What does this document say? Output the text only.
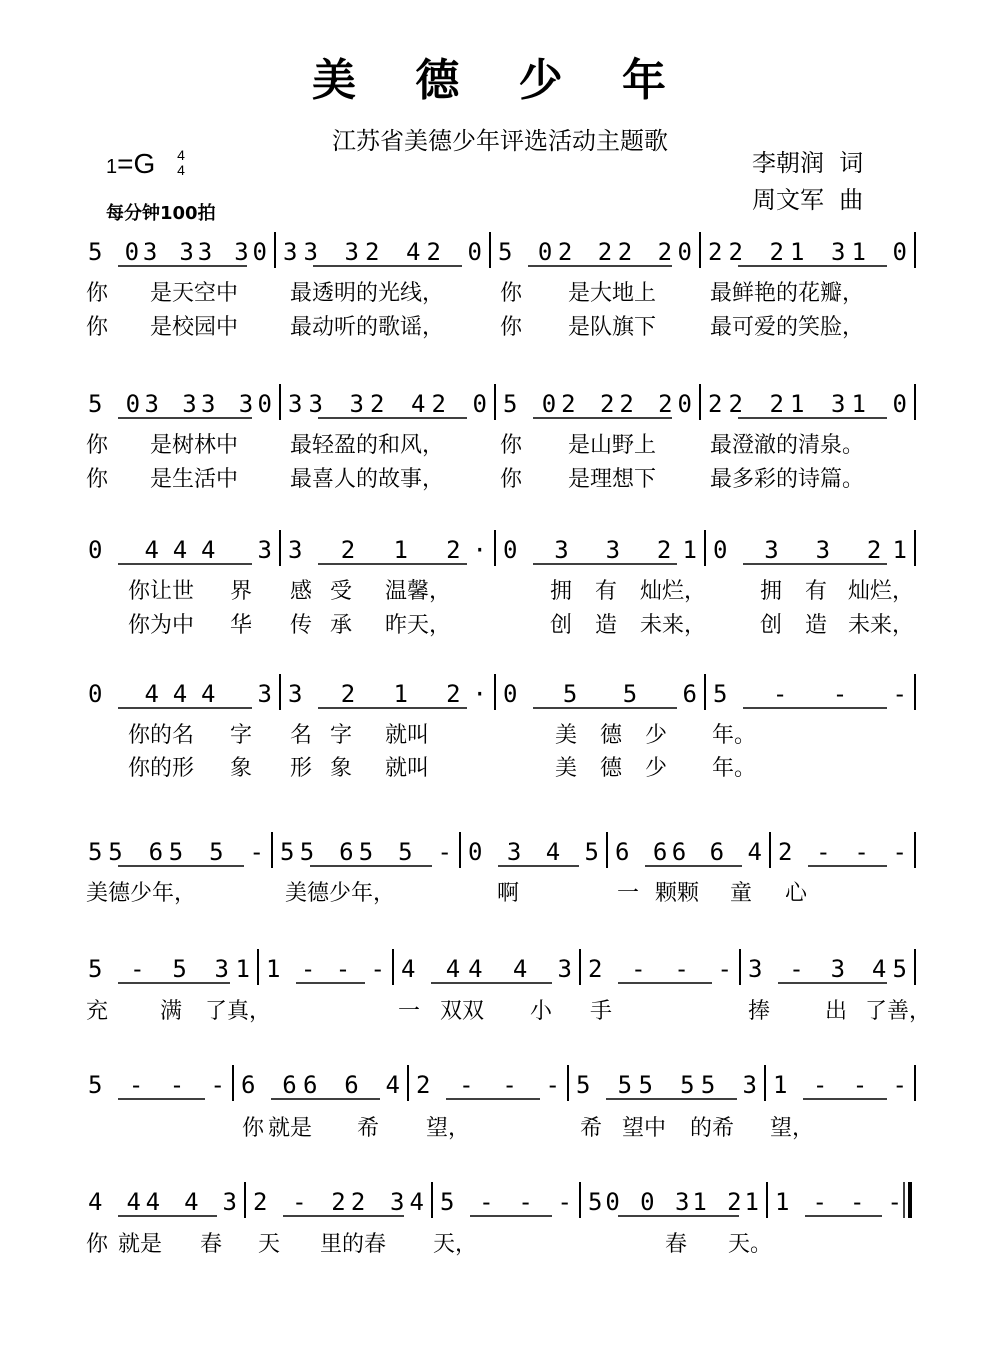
美 德 少 年
江苏省美德少年评选活动主题歌
李朝润  词
周文军  曲
1=G 4
4
每分钟100拍
5 03 33 30 33 32 42 0 5 02 22 20 22 21 31 0
你 是天空中 最透明的光线，	你 是大地上 最鲜艳的花瓣，
你 是校园中 最动听的歌谣，	你 是队旗下 最可爱的笑脸，
5 03 33 30 33 32 42 0 5 02 22 20 22 21 31 0
你 是树林中 最轻盈的和风，	你 是山野上 最澄澈的清泉。
你 是生活中 最喜人的故事，	你 是理想下 最多彩的诗篇。
0 444 3 3 2 1 2· 0 3 3 21 0 3 3 21
你让世 界 感 受 温馨，	拥 有 灿烂， 拥 有 灿烂，
你为中 华 传 承 昨天，	创 造 未来， 创 造 未来，
0 444 3 3 2 1 2· 0 5 5 6 5 - - -
你的名 字 名 字 就叫	美 德 少 年。
你的形 象 形 象 就叫	美 德 少 年。
55 65 5 - 55 65 5 - 0 3 4 5 6 66 6 4 2 - - -
美德少年，	美德少年，	啊	一 颗颗 童 心
5 - 5 31 1 - - - 4 44 4 3 2 - - - 3 - 3 45
充 满 了真，	一 双双 小 手	捧 出 了善，
5 - - - 6 66 6 4 2 - - - 5 55 55 3 1 - - -
你 就是 希 望，	希 望中 的希 望，
4 44 4 3 2 - 22 34 5 - - - 50 0 31 21 1 - - -
你 就是 春 天 里的春 天，	春 天。
